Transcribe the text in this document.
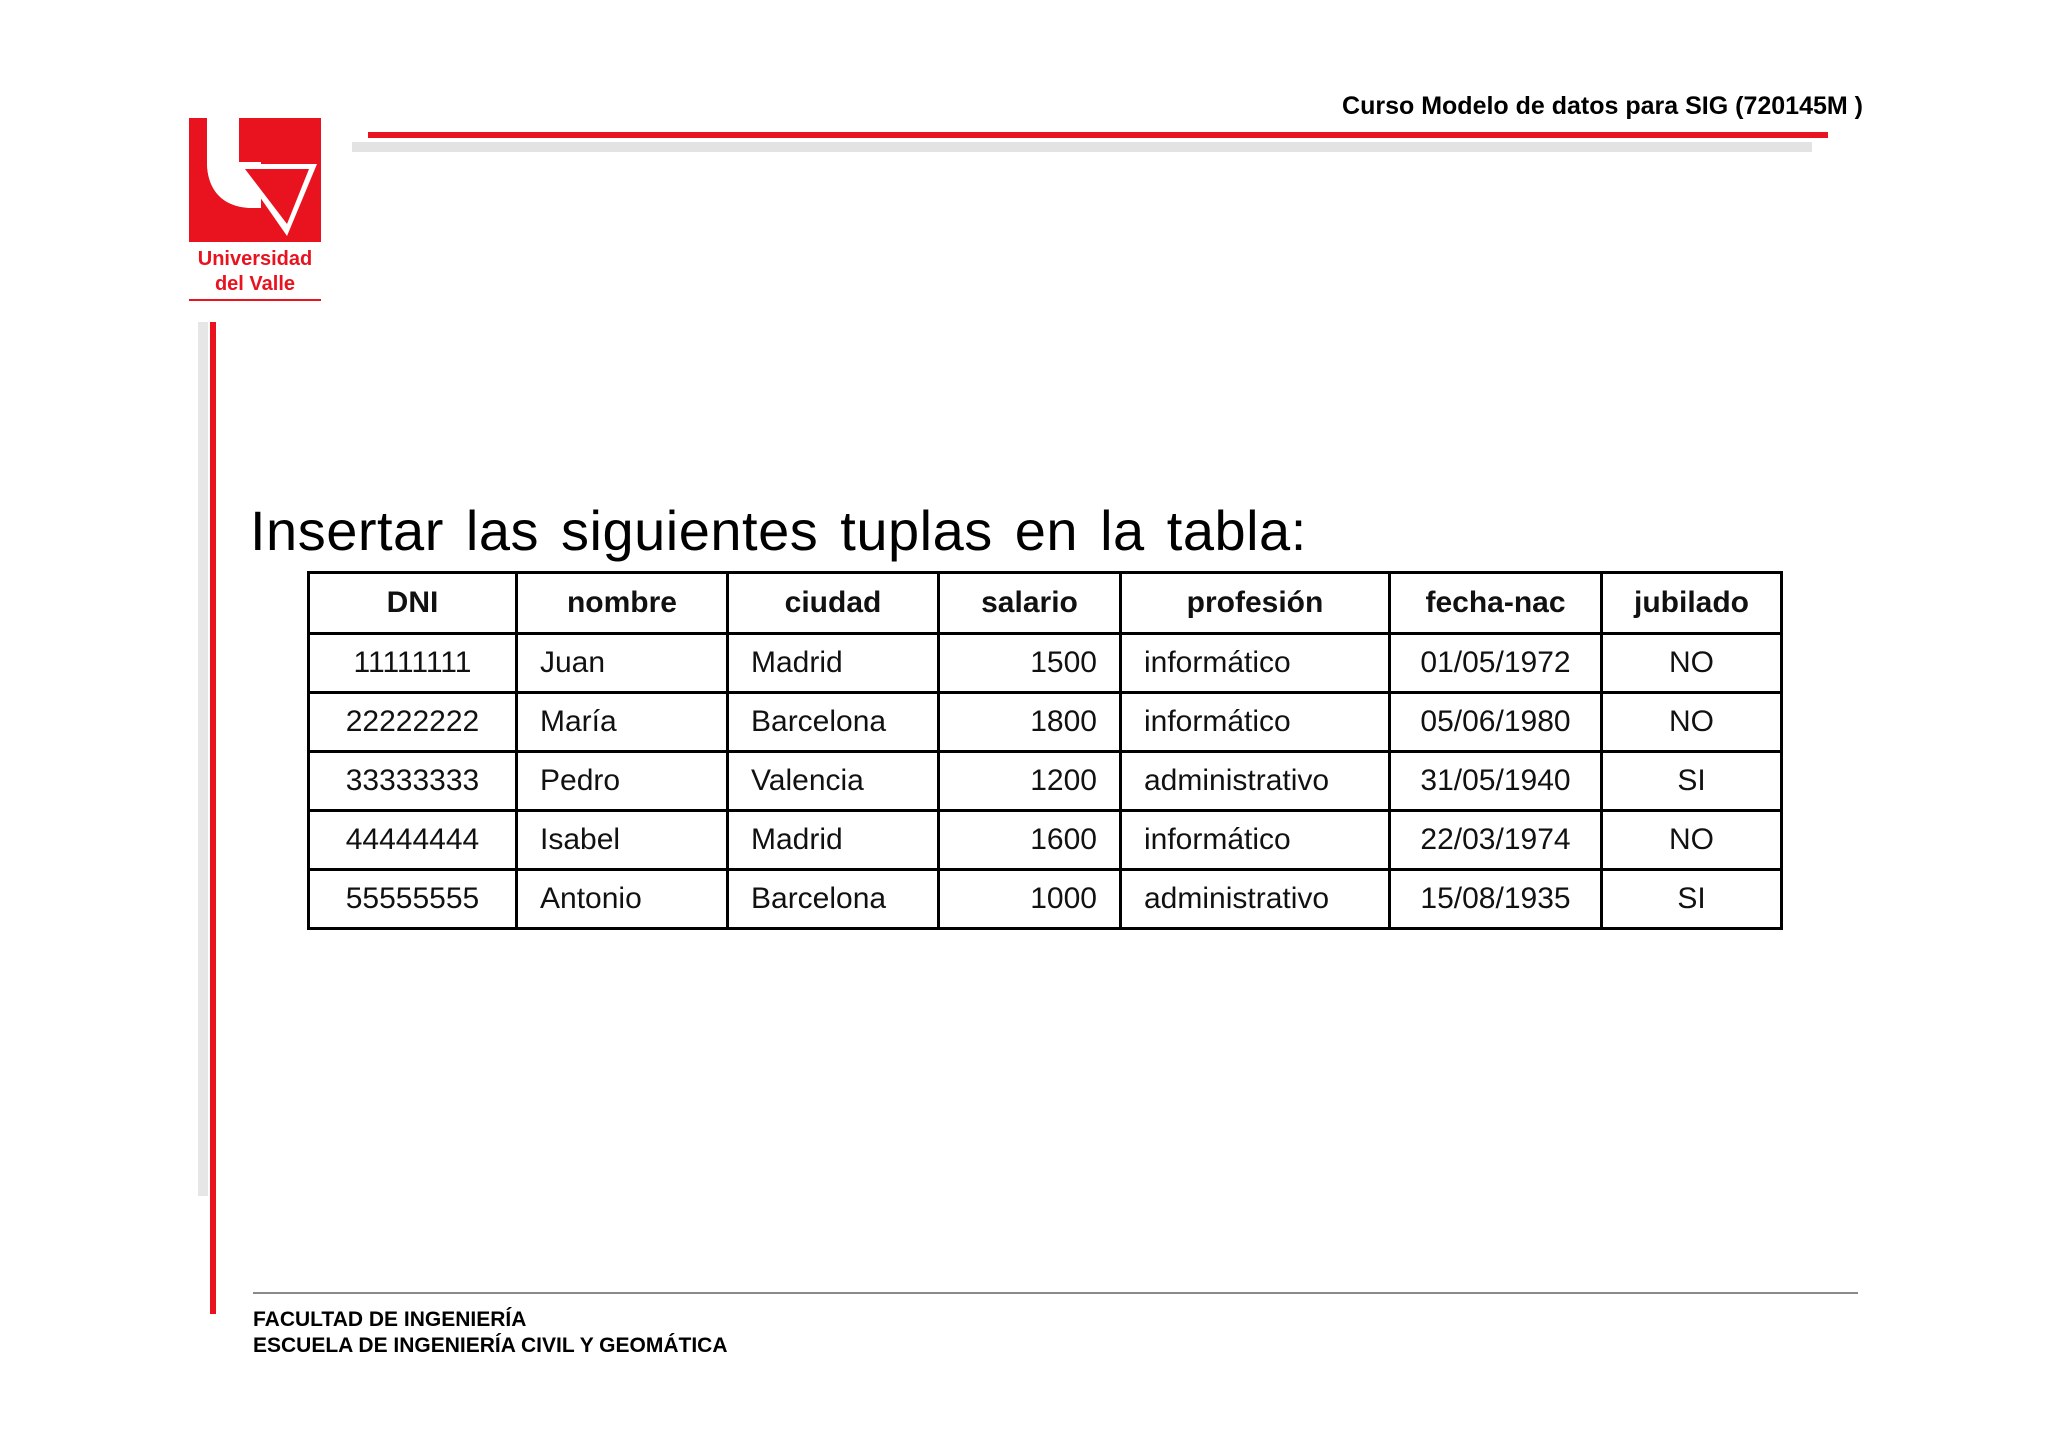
Curso Modelo de datos para SIG (720145M )
Universidad
del Valle
Insertar las siguientes tuplas en la tabla:
DNI	nombre	ciudad	salario	profesión	fecha-nac	jubilado
11111111	Juan	Madrid	1500	informático	01/05/1972	NO
22222222	María	Barcelona	1800	informático	05/06/1980	NO
33333333	Pedro	Valencia	1200	administrativo	31/05/1940	SI
44444444	Isabel	Madrid	1600	informático	22/03/1974	NO
55555555	Antonio	Barcelona	1000	administrativo	15/08/1935	SI
FACULTAD DE INGENIERÍA
ESCUELA DE INGENIERÍA CIVIL Y GEOMÁTICA
